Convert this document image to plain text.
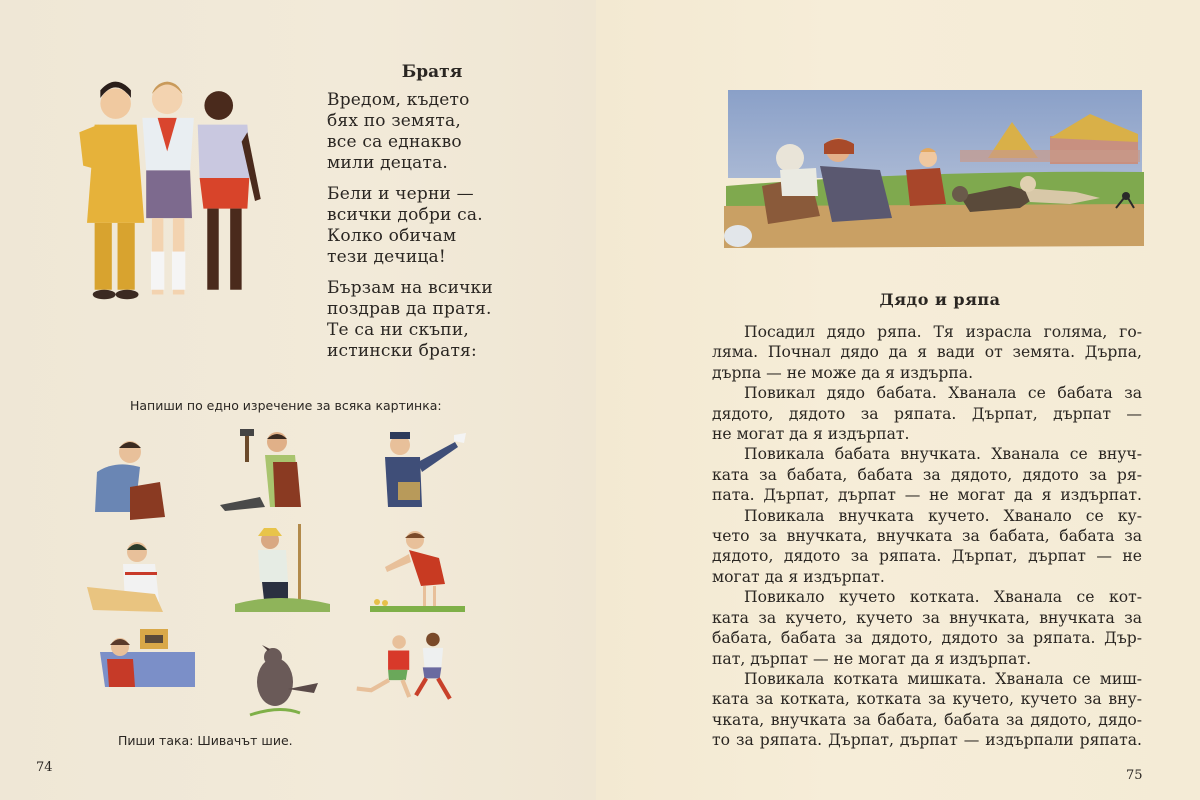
Братя
Вредом, където
бях по земята,
все са еднакво
мили децата.
Бели и черни —
всички добри са.
Колко обичам
тези дечица!
Бързам на всички
поздрав да пратя.
Те са ни скъпи,
истински братя:
Напиши по едно изречение за всяка картинка:
Пиши така: Шивачът шие.
74
Дядо и ряпа
Посадил дядо ряпа. Тя израсла голяма, го-
ляма. Почнал дядо да я вади от земята. Дърпа,
дърпа — не може да я издърпа.
Повикал дядо бабата. Хванала се бабата за
дядото, дядото за ряпата. Дърпат, дърпат —
не могат да я издърпат.
Повикала бабата внучката. Хванала се внуч-
ката за бабата, бабата за дядото, дядото за ря-
пата. Дърпат, дърпат — не могат да я издърпат.
Повикала внучката кучето. Хванало се ку-
чето за внучката, внучката за бабата, бабата за
дядото, дядото за ряпата. Дърпат, дърпат — не
могат да я издърпат.
Повикало кучето котката. Хванала се кот-
ката за кучето, кучето за внучката, внучката за
бабата, бабата за дядото, дядото за ряпата. Дър-
пат, дърпат — не могат да я издърпат.
Повикала котката мишката. Хванала се миш-
ката за котката, котката за кучето, кучето за вну-
чката, внучката за бабата, бабата за дядото, дядо-
то за ряпата. Дърпат, дърпат — издърпали ряпата.
75
